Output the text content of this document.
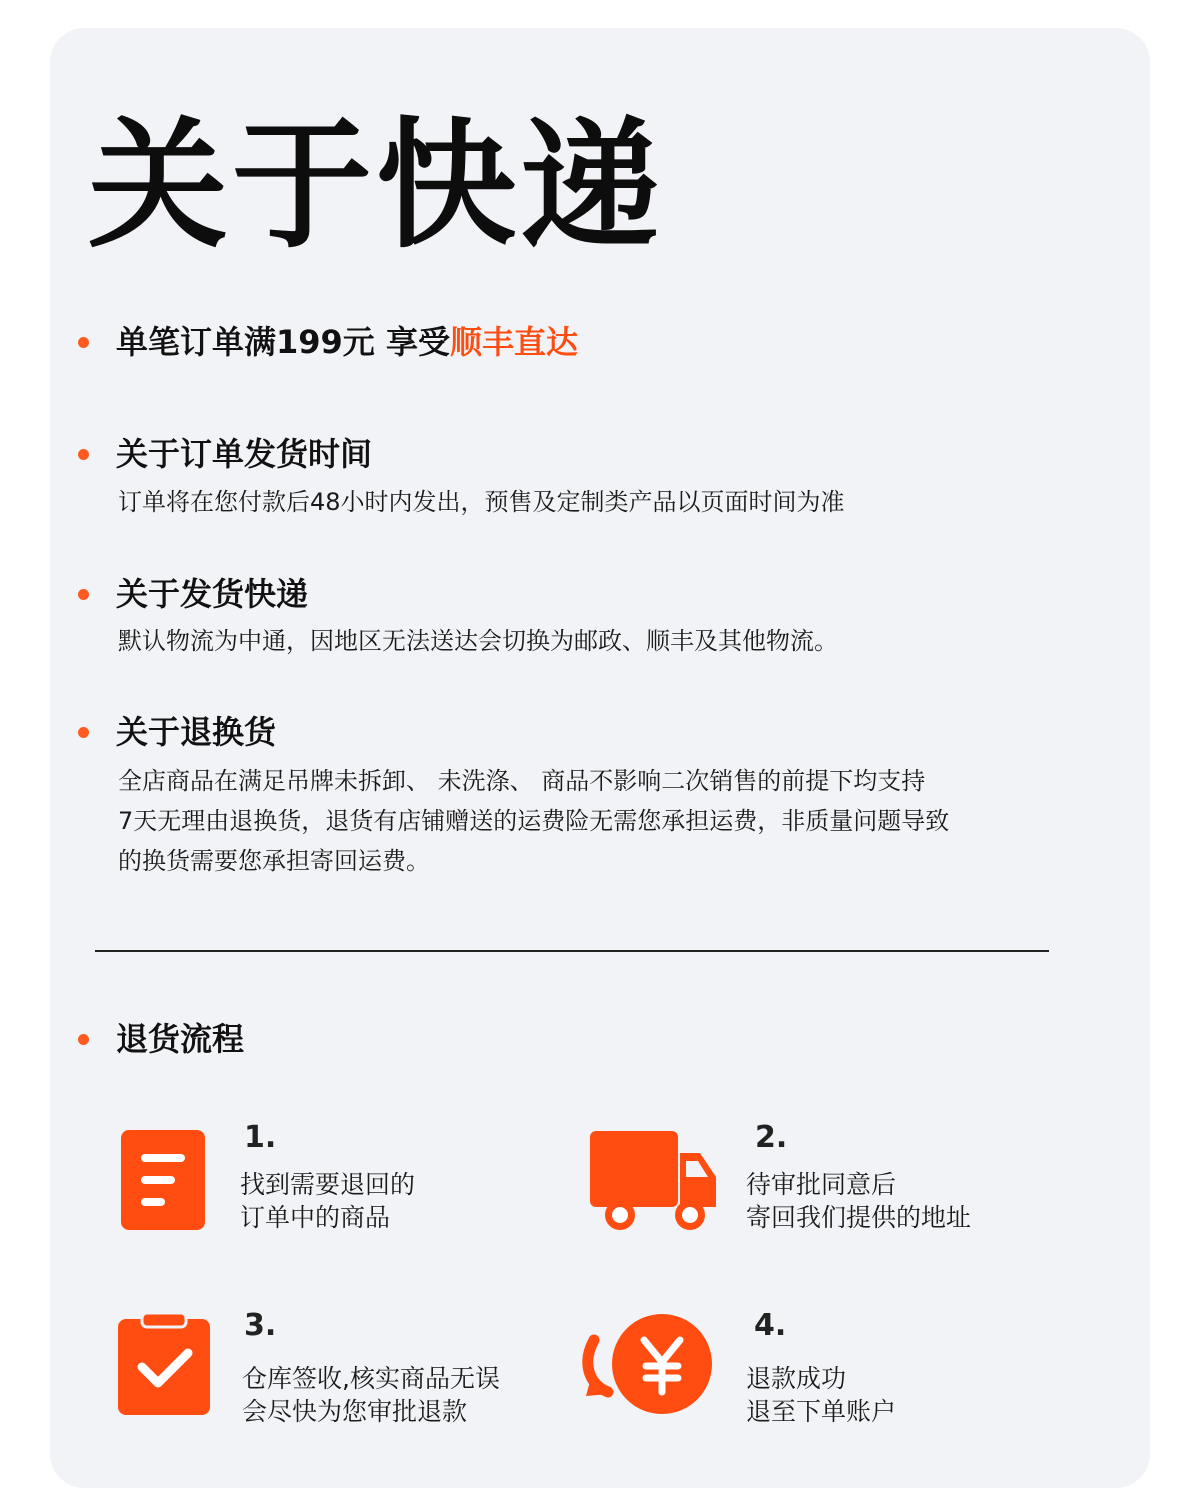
关于快递
单笔订单满199元 享受顺丰直达
关于订单发货时间
订单将在您付款后48小时内发出，预售及定制类产品以页面时间为准
关于发货快递
默认物流为中通，因地区无法送达会切换为邮政、顺丰及其他物流。
关于退换货
全店商品在满足吊牌未拆卸、 未洗涤、 商品不影响二次销售的前提下均支持
7天无理由退换货，退货有店铺赠送的运费险无需您承担运费，非质量问题导致
的换货需要您承担寄回运费。
退货流程
1.
找到需要退回的
订单中的商品
2.
待审批同意后
寄回我们提供的地址
3.
仓库签收,核实商品无误
会尽快为您审批退款
4.
退款成功
退至下单账户
